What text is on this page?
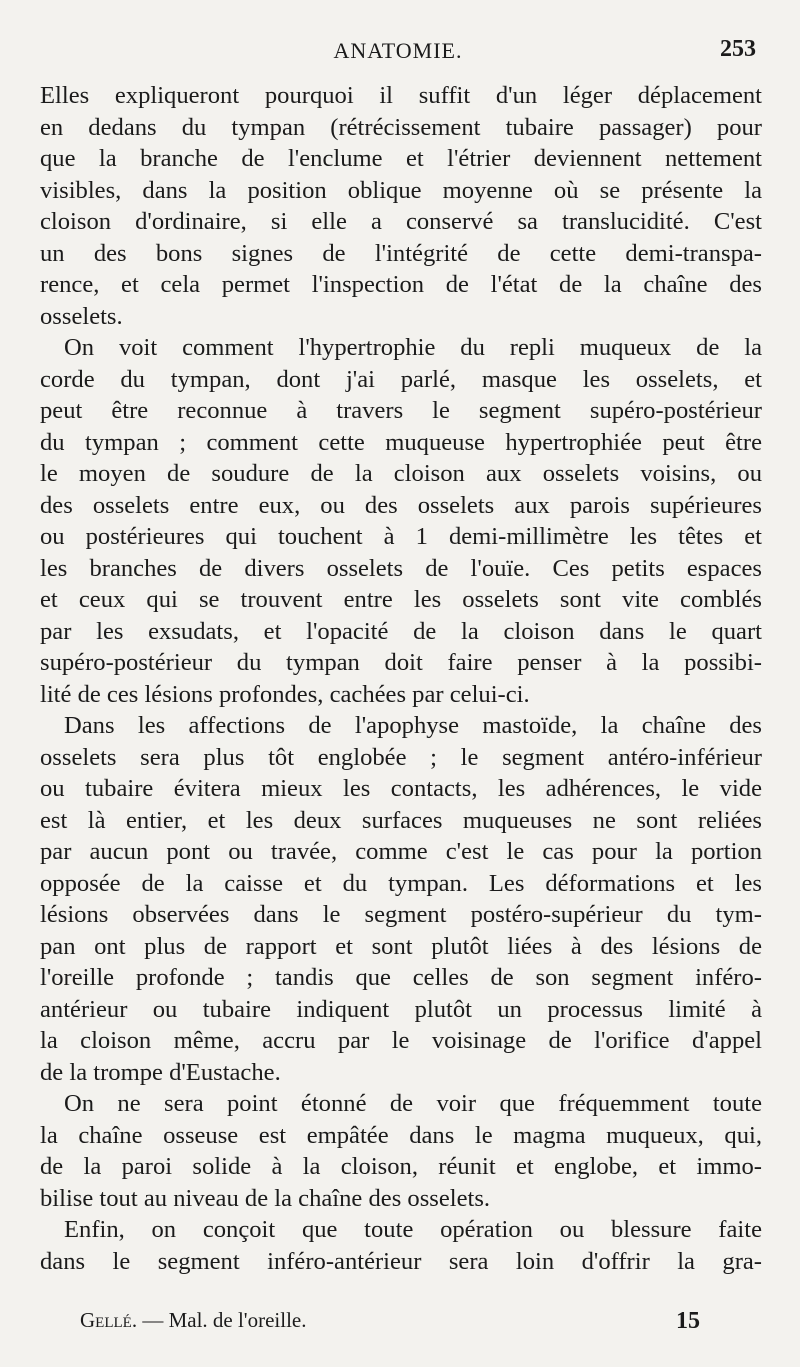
ANATOMIE.	253
Elles expliqueront pourquoi il suffit d'un léger déplacement
en dedans du tympan (rétrécissement tubaire passager) pour
que la branche de l'enclume et l'étrier deviennent nettement
visibles, dans la position oblique moyenne où se présente la
cloison d'ordinaire, si elle a conservé sa translucidité. C'est
un des bons signes de l'intégrité de cette demi-transpa-
rence, et cela permet l'inspection de l'état de la chaîne des
osselets.
On voit comment l'hypertrophie du repli muqueux de la
corde du tympan, dont j'ai parlé, masque les osselets, et
peut être reconnue à travers le segment supéro-postérieur
du tympan ; comment cette muqueuse hypertrophiée peut être
le moyen de soudure de la cloison aux osselets voisins, ou
des osselets entre eux, ou des osselets aux parois supérieures
ou postérieures qui touchent à 1 demi-millimètre les têtes et
les branches de divers osselets de l'ouïe. Ces petits espaces
et ceux qui se trouvent entre les osselets sont vite comblés
par les exsudats, et l'opacité de la cloison dans le quart
supéro-postérieur du tympan doit faire penser à la possibi-
lité de ces lésions profondes, cachées par celui-ci.
Dans les affections de l'apophyse mastoïde, la chaîne des
osselets sera plus tôt englobée ; le segment antéro-inférieur
ou tubaire évitera mieux les contacts, les adhérences, le vide
est là entier, et les deux surfaces muqueuses ne sont reliées
par aucun pont ou travée, comme c'est le cas pour la portion
opposée de la caisse et du tympan. Les déformations et les
lésions observées dans le segment postéro-supérieur du tym-
pan ont plus de rapport et sont plutôt liées à des lésions de
l'oreille profonde ; tandis que celles de son segment inféro-
antérieur ou tubaire indiquent plutôt un processus limité à
la cloison même, accru par le voisinage de l'orifice d'appel
de la trompe d'Eustache.
On ne sera point étonné de voir que fréquemment toute
la chaîne osseuse est empâtée dans le magma muqueux, qui,
de la paroi solide à la cloison, réunit et englobe, et immo-
bilise tout au niveau de la chaîne des osselets.
Enfin, on conçoit que toute opération ou blessure faite
dans le segment inféro-antérieur sera loin d'offrir la gra-
Gellé. — Mal. de l'oreille.	15
